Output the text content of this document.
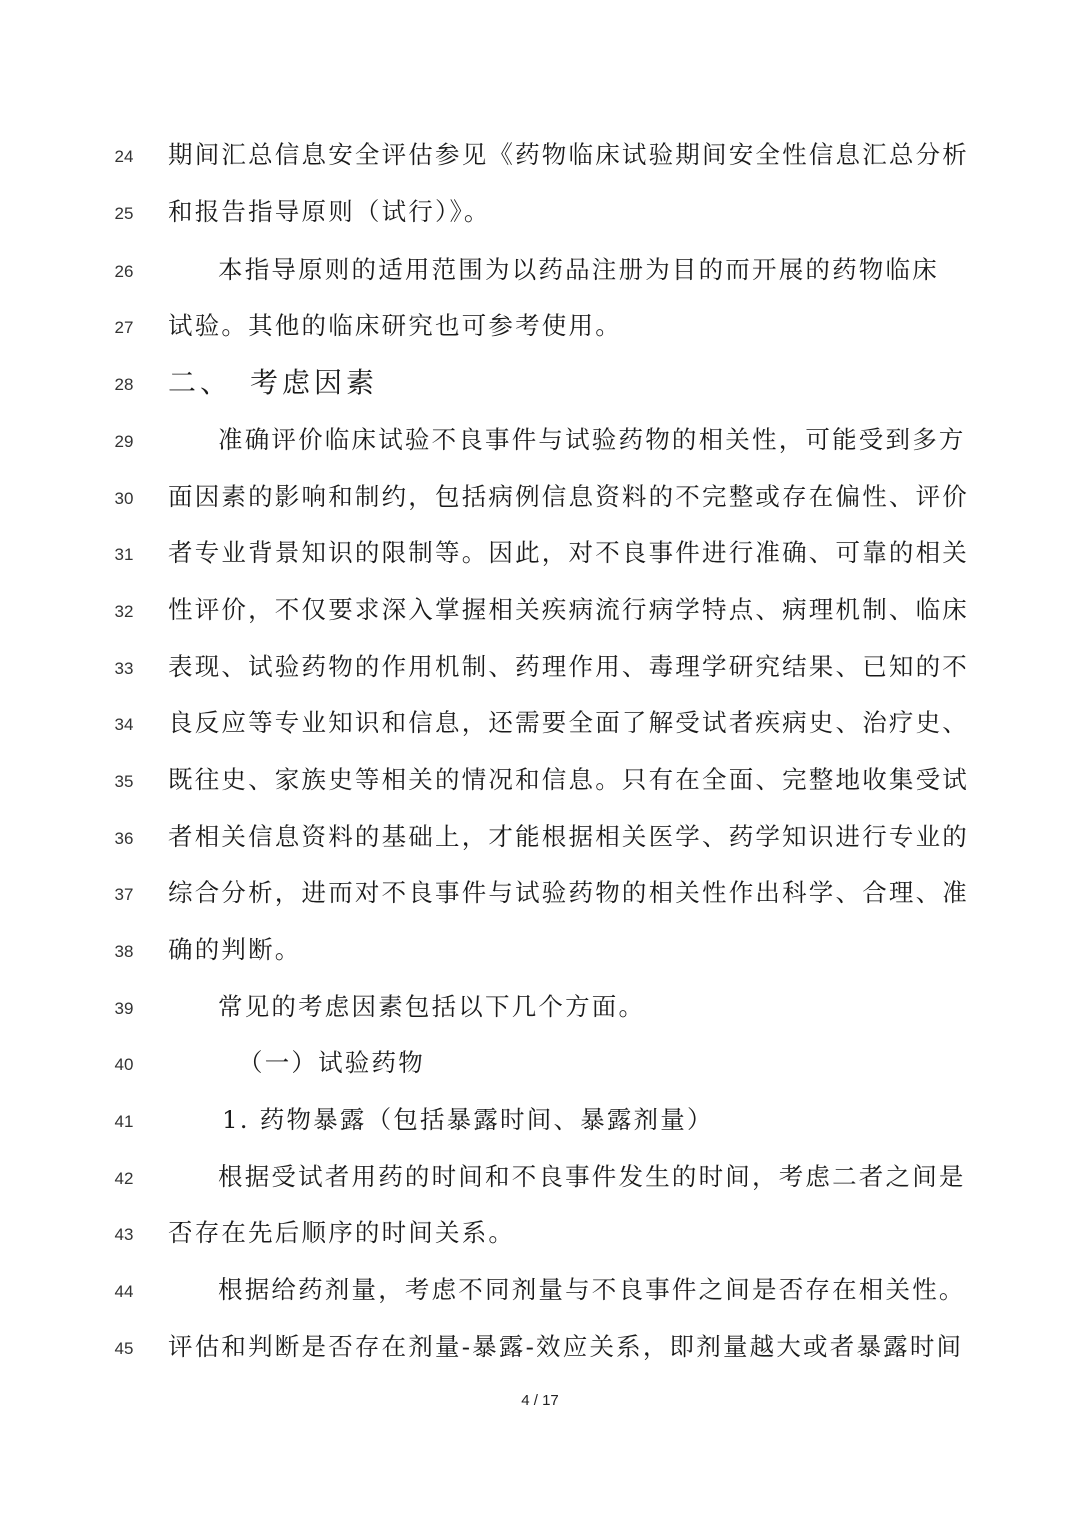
24	期间汇总信息安全评估参见《药物临床试验期间安全性信息汇总分析
25	和报告指导原则（试行）》。
26	本指导原则的适用范围为以药品注册为目的而开展的药物临床
27	试验。其他的临床研究也可参考使用。
28	二、　考虑因素
29	准确评价临床试验不良事件与试验药物的相关性，可能受到多方
30	面因素的影响和制约，包括病例信息资料的不完整或存在偏性、评价
31	者专业背景知识的限制等。因此，对不良事件进行准确、可靠的相关
32	性评价，不仅要求深入掌握相关疾病流行病学特点、病理机制、临床
33	表现、试验药物的作用机制、药理作用、毒理学研究结果、已知的不
34	良反应等专业知识和信息，还需要全面了解受试者疾病史、治疗史、
35	既往史、家族史等相关的情况和信息。只有在全面、完整地收集受试
36	者相关信息资料的基础上，才能根据相关医学、药学知识进行专业的
37	综合分析，进而对不良事件与试验药物的相关性作出科学、合理、准
38	确的判断。
39	常见的考虑因素包括以下几个方面。
40	（一）试验药物
41	1. 药物暴露（包括暴露时间、暴露剂量）
42	根据受试者用药的时间和不良事件发生的时间，考虑二者之间是
43	否存在先后顺序的时间关系。
44	根据给药剂量，考虑不同剂量与不良事件之间是否存在相关性。
45	评估和判断是否存在剂量-暴露-效应关系，即剂量越大或者暴露时间
4 / 17
